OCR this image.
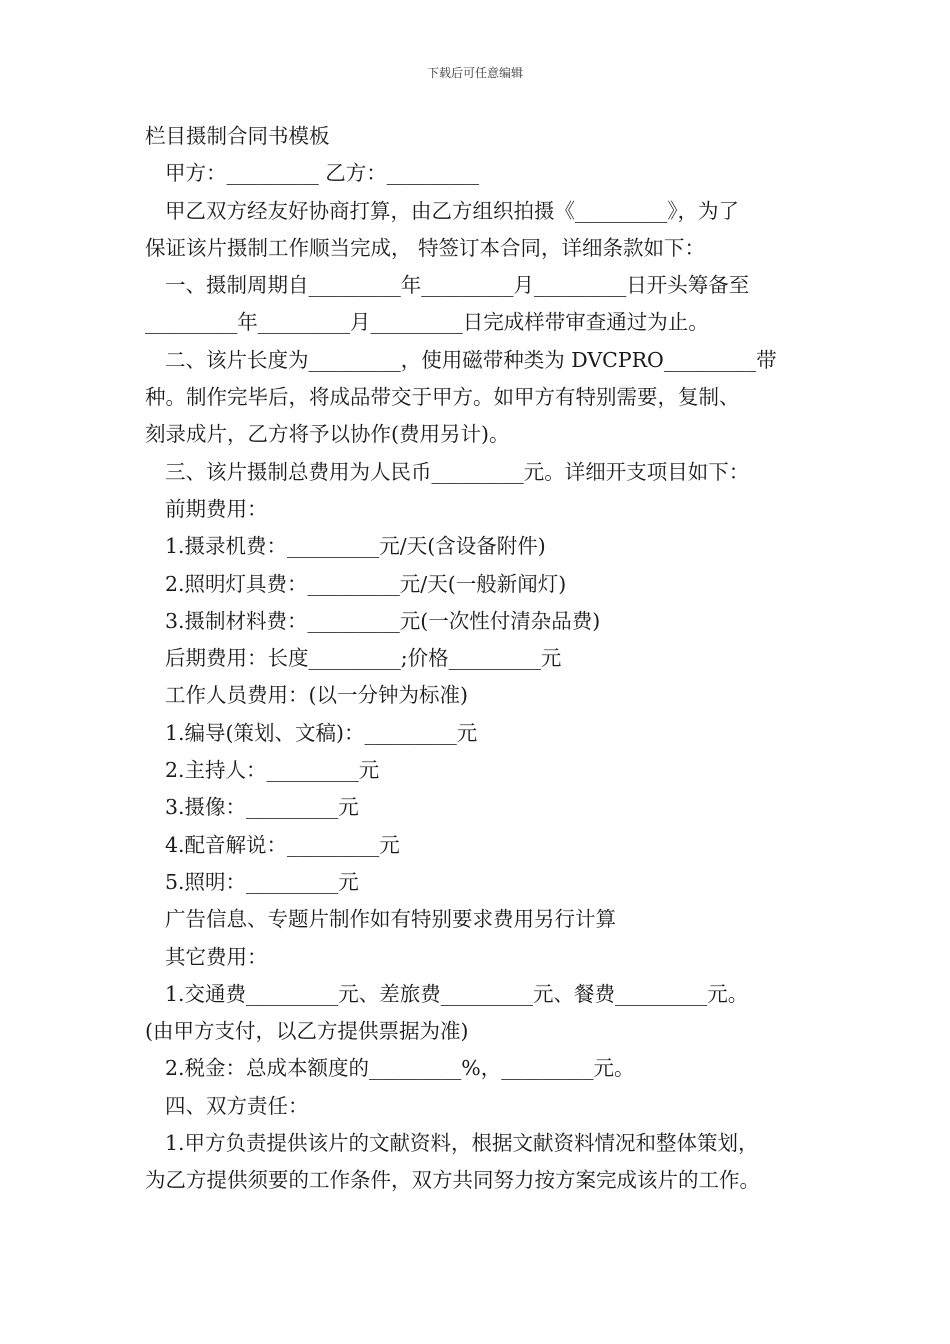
下载后可任意编辑
栏目摄制合同书模板
甲方：_________ 乙方：_________
甲乙双方经友好协商打算，由乙方组织拍摄《_________》，为了
保证该片摄制工作顺当完成， 特签订本合同，详细条款如下：
一、摄制周期自_________年_________月_________日开头筹备至
_________年_________月_________日完成样带审查通过为止。
二、该片长度为_________，使用磁带种类为 DVCPRO_________带
种。制作完毕后，将成品带交于甲方。如甲方有特别需要，复制、
刻录成片，乙方将予以协作(费用另计)。
三、该片摄制总费用为人民币_________元。详细开支项目如下：
前期费用：
1.摄录机费：_________元/天(含设备附件)
2.照明灯具费：_________元/天(一般新闻灯)
3.摄制材料费：_________元(一次性付清杂品费)
后期费用：长度_________;价格_________元
工作人员费用：(以一分钟为标准)
1.编导(策划、文稿)：_________元
2.主持人：_________元
3.摄像：_________元
4.配音解说：_________元
5.照明：_________元
广告信息、专题片制作如有特别要求费用另行计算
其它费用：
1.交通费_________元、差旅费_________元、餐费_________元。
(由甲方支付，以乙方提供票据为准)
2.税金：总成本额度的_________%，_________元。
四、双方责任：
1.甲方负责提供该片的文献资料，根据文献资料情况和整体策划，
为乙方提供须要的工作条件，双方共同努力按方案完成该片的工作。
